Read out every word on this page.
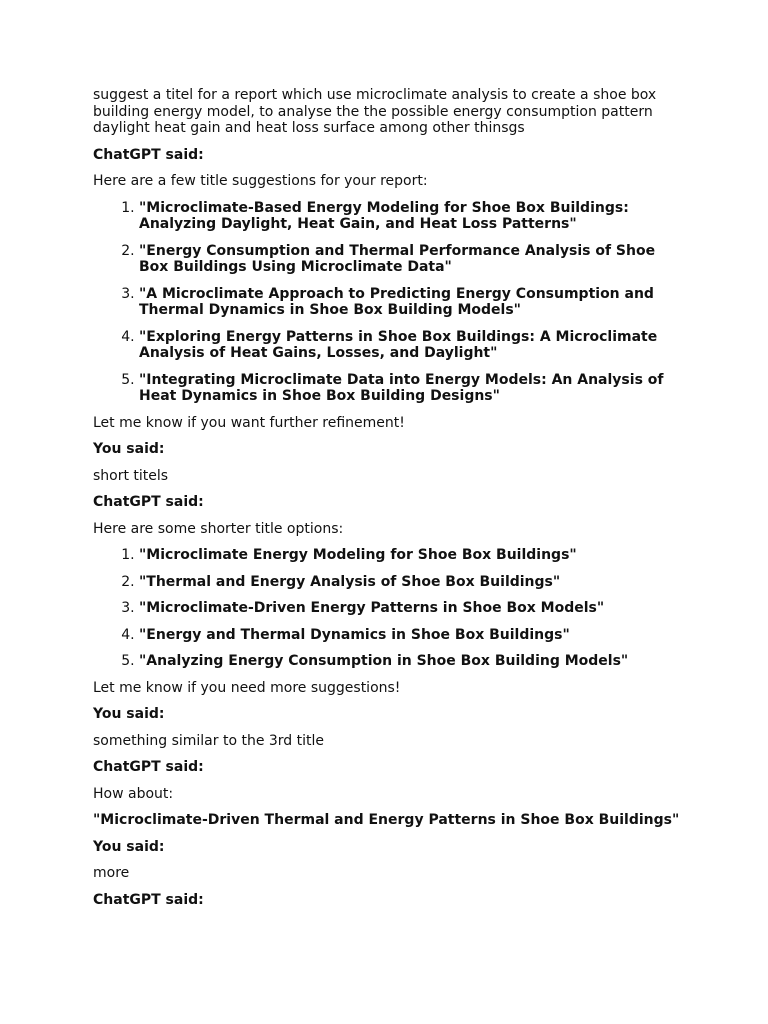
suggest a titel for a report which use microclimate analysis to create a shoe box building energy model, to analyse the the possible energy consumption pattern daylight heat gain and heat loss surface among other thinsgs

ChatGPT said:

Here are a few title suggestions for your report:

1. "Microclimate-Based Energy Modeling for Shoe Box Buildings: Analyzing Daylight, Heat Gain, and Heat Loss Patterns"
2. "Energy Consumption and Thermal Performance Analysis of Shoe Box Buildings Using Microclimate Data"
3. "A Microclimate Approach to Predicting Energy Consumption and Thermal Dynamics in Shoe Box Building Models"
4. "Exploring Energy Patterns in Shoe Box Buildings: A Microclimate Analysis of Heat Gains, Losses, and Daylight"
5. "Integrating Microclimate Data into Energy Models: An Analysis of Heat Dynamics in Shoe Box Building Designs"

Let me know if you want further refinement!

You said:

short titels

ChatGPT said:

Here are some shorter title options:

1. "Microclimate Energy Modeling for Shoe Box Buildings"
2. "Thermal and Energy Analysis of Shoe Box Buildings"
3. "Microclimate-Driven Energy Patterns in Shoe Box Models"
4. "Energy and Thermal Dynamics in Shoe Box Buildings"
5. "Analyzing Energy Consumption in Shoe Box Building Models"

Let me know if you need more suggestions!

You said:

something similar to the 3rd title

ChatGPT said:

How about:

"Microclimate-Driven Thermal and Energy Patterns in Shoe Box Buildings"

You said:

more

ChatGPT said:
